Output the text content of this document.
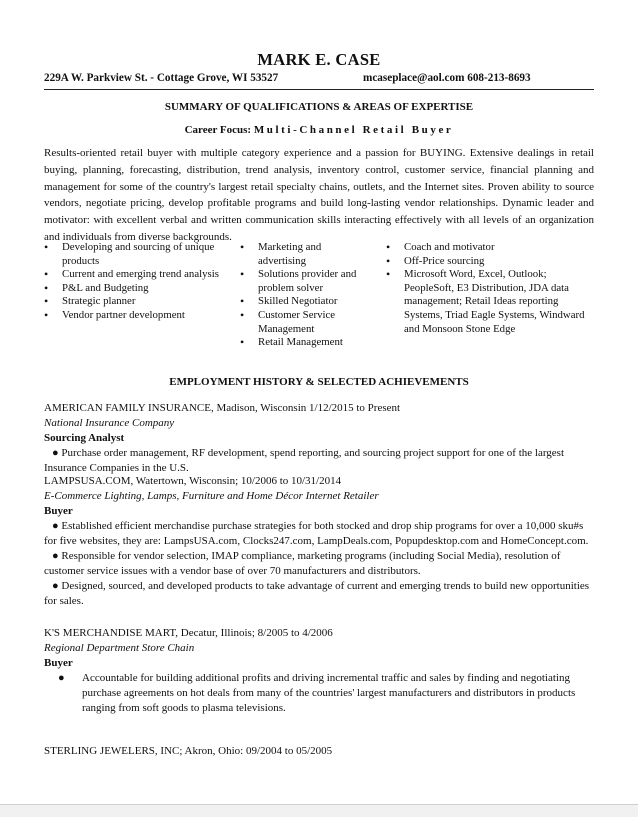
MARK E. CASE
229A W. Parkview St. - Cottage Grove, WI 53527	mcaseplace@aol.com 608-213-8693
SUMMARY OF QUALIFICATIONS & AREAS OF EXPERTISE
Career Focus: Multi-Channel Retail Buyer
Results-oriented retail buyer with multiple category experience and a passion for BUYING. Extensive dealings in retail buying, planning, forecasting, distribution, trend analysis, inventory control, customer service, financial planning and management for some of the country's largest retail specialty chains, outlets, and the Internet sites. Proven ability to source vendors, negotiate pricing, develop profitable programs and build long-lasting vendor relationships. Dynamic leader and motivator: with excellent verbal and written communication skills interacting effectively with all levels of an organization and individuals from diverse backgrounds.
• Developing and sourcing of unique products
• Current and emerging trend analysis
• P&L and Budgeting
• Strategic planner
• Vendor partner development
• Marketing and advertising
• Solutions provider and problem solver
• Skilled Negotiator
• Customer Service Management
• Retail Management
• Coach and motivator
• Off-Price sourcing
• Microsoft Word, Excel, Outlook; PeopleSoft, E3 Distribution, JDA data management; Retail Ideas reporting Systems, Triad Eagle Systems, Windward and Monsoon Stone Edge
EMPLOYMENT HISTORY & SELECTED ACHIEVEMENTS
AMERICAN FAMILY INSURANCE, Madison, Wisconsin 1/12/2015 to Present
National Insurance Company
Sourcing Analyst
● Purchase order management, RF development, spend reporting, and sourcing project support for one of the largest Insurance Companies in the U.S.
LAMPSUSA.COM, Watertown, Wisconsin; 10/2006 to 10/31/2014
E-Commerce Lighting, Lamps, Furniture and Home Décor Internet Retailer
Buyer
● Established efficient merchandise purchase strategies for both stocked and drop ship programs for over a 10,000 sku#s for five websites, they are: LampsUSA.com, Clocks247.com, LampDeals.com, Popupdesktop.com and HomeConcept.com.
● Responsible for vendor selection, IMAP compliance, marketing programs (including Social Media), resolution of customer service issues with a vendor base of over 70 manufacturers and distributors.
● Designed, sourced, and developed products to take advantage of current and emerging trends to build new opportunities for sales.
K'S MERCHANDISE MART, Decatur, Illinois; 8/2005 to 4/2006
Regional Department Store Chain
Buyer
● Accountable for building additional profits and driving incremental traffic and sales by finding and negotiating purchase agreements on hot deals from many of the countries' largest manufacturers and distributors in products ranging from soft goods to plasma televisions.
STERLING JEWELERS, INC; Akron, Ohio: 09/2004 to 05/2005
